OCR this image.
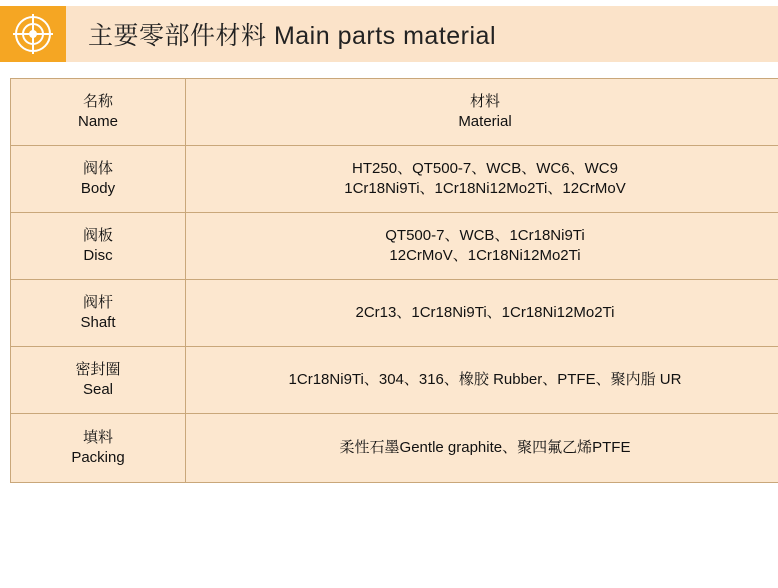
主要零部件材料 Main parts material
名称
Name	材料
Material

阀体
Body	HT250、QT500-7、WCB、WC6、WC9
1Cr18Ni9Ti、1Cr18Ni12Mo2Ti、12CrMoV

阀板
Disc	QT500-7、WCB、1Cr18Ni9Ti
12CrMoV、1Cr18Ni12Mo2Ti

阀杆
Shaft	2Cr13、1Cr18Ni9Ti、1Cr18Ni12Mo2Ti

密封圈
Seal	1Cr18Ni9Ti、304、316、橡胶 Rubber、PTFE、聚内脂 UR

填料
Packing	柔性石墨Gentle graphite、聚四氟乙烯PTFE
